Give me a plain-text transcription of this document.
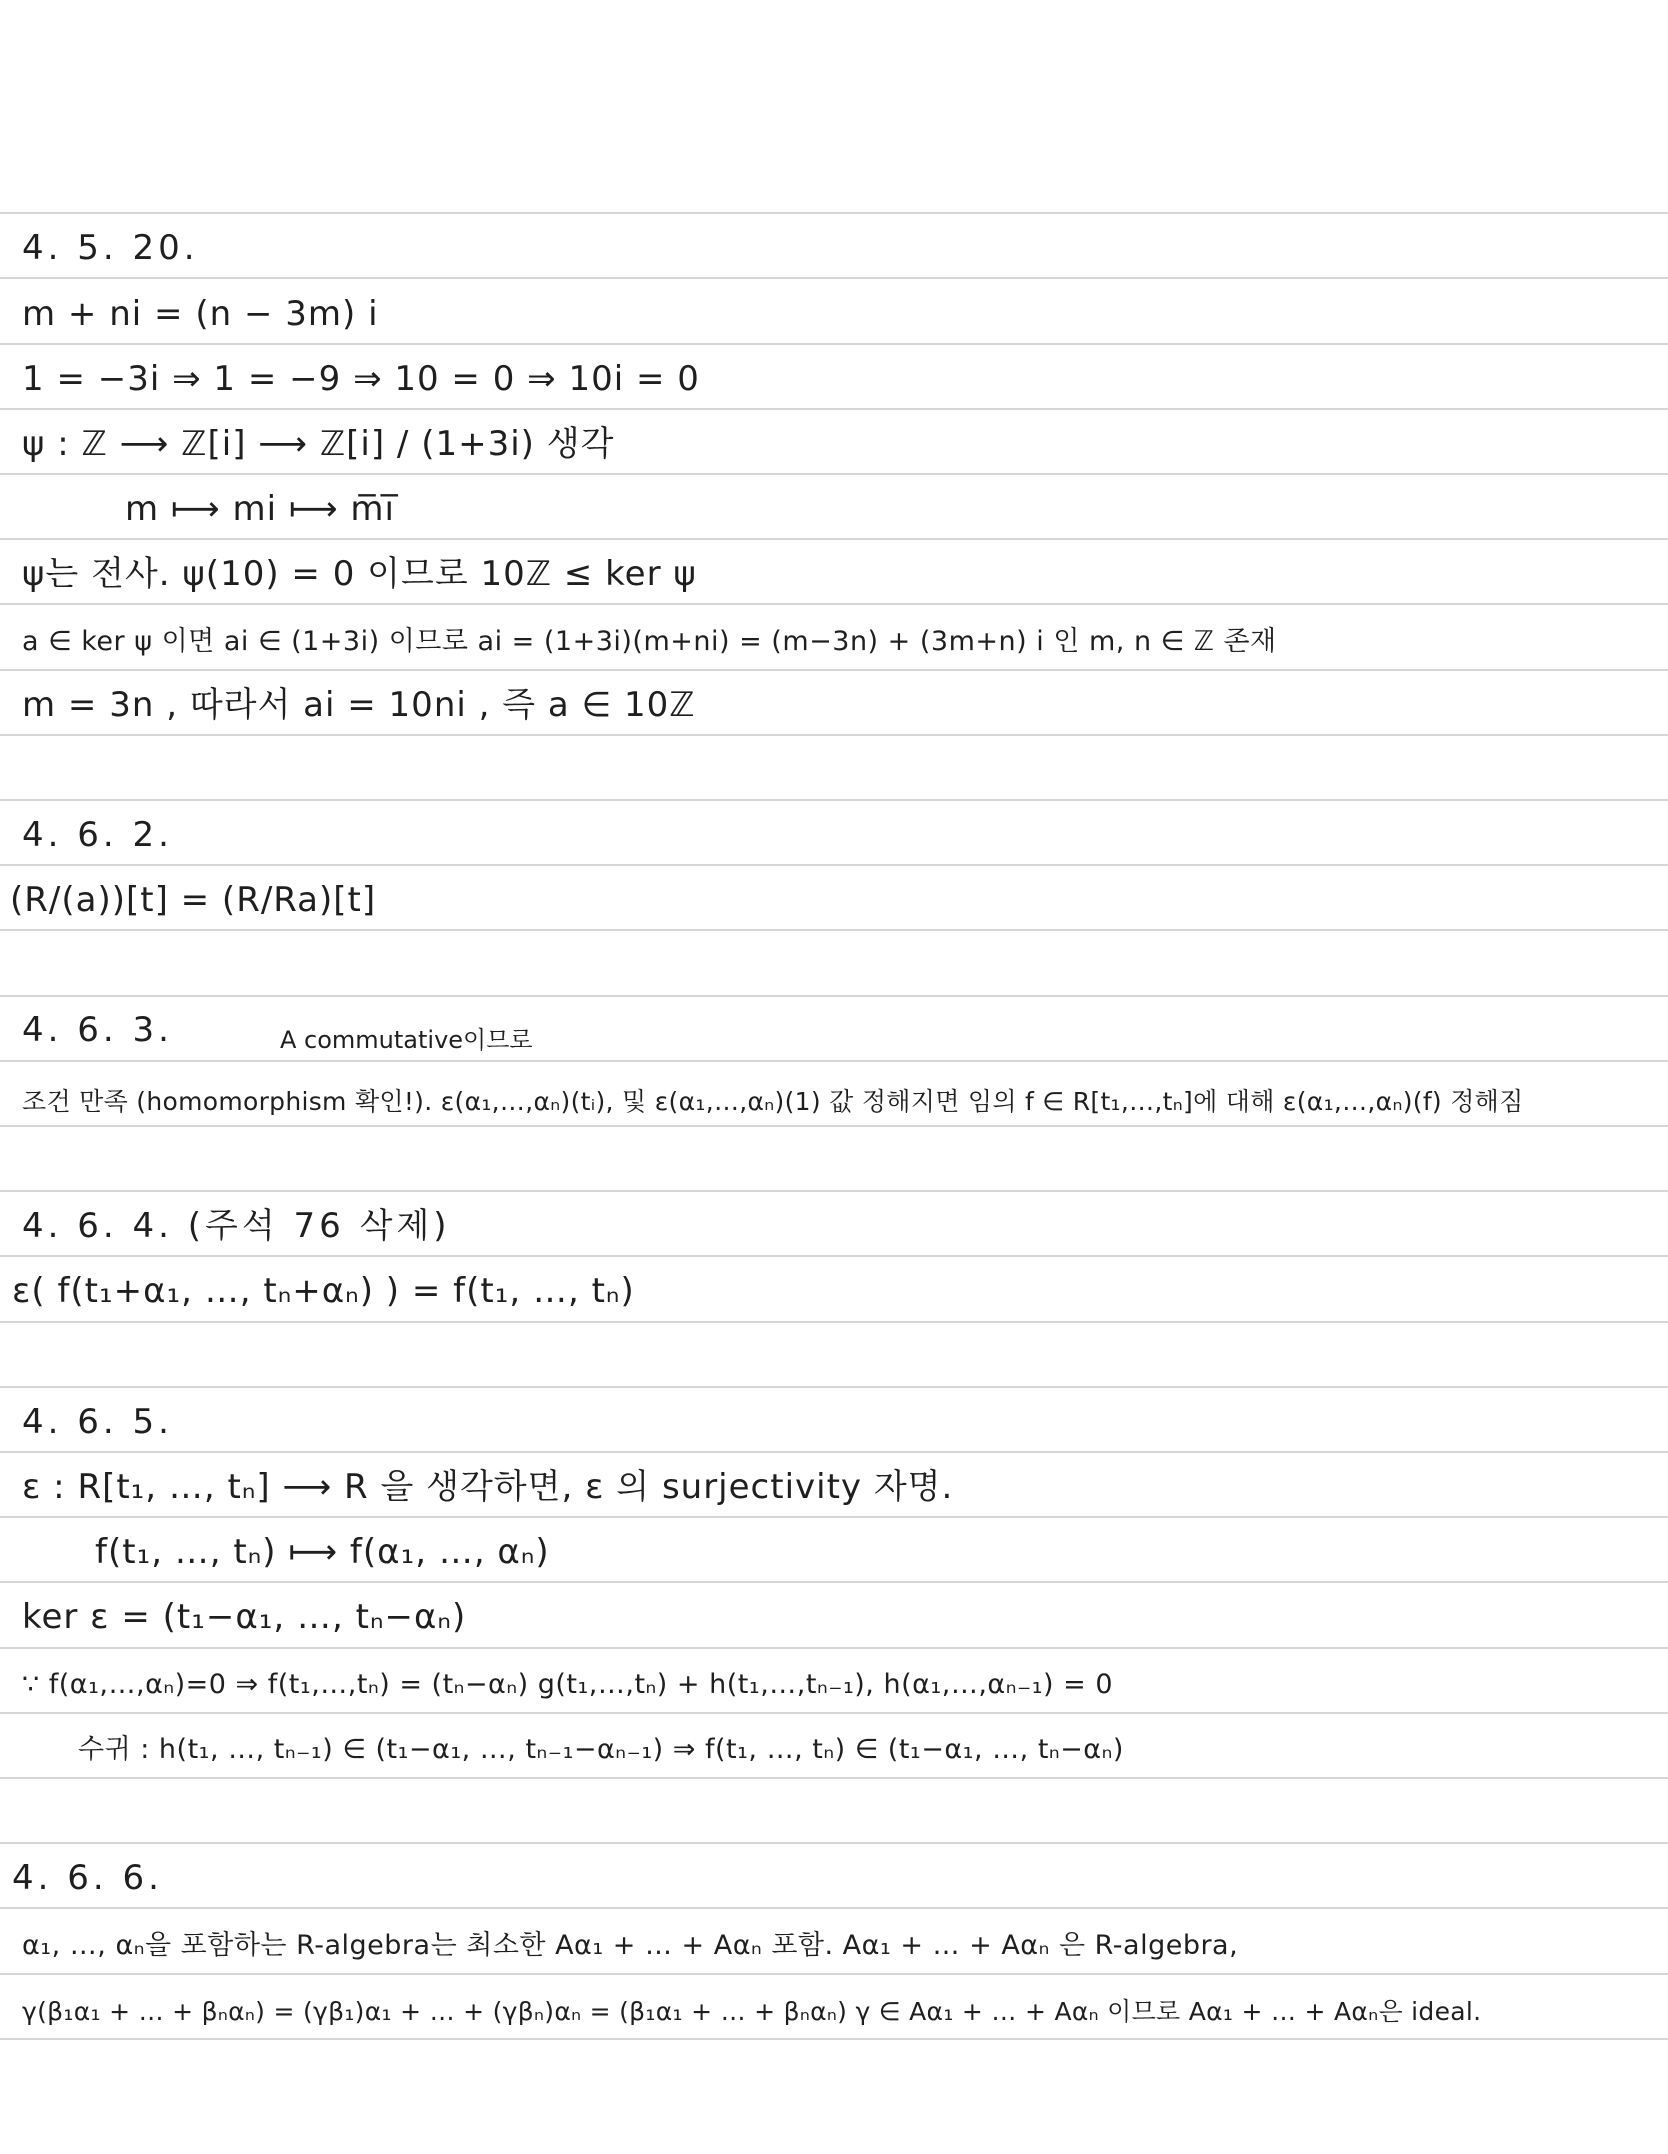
4. 5. 20.
m + ni = (n − 3m) i
1 = −3i ⇒ 1 = −9 ⇒ 10 = 0 ⇒ 10i = 0
ψ : ℤ ⟶ ℤ[i] ⟶ ℤ[i] / (1+3i) 생각
m ⟼ mi ⟼ m̅i̅
ψ는 전사. ψ(10) = 0 이므로 10ℤ ≤ ker ψ
a ∈ ker ψ 이면 ai ∈ (1+3i) 이므로 ai = (1+3i)(m+ni) = (m−3n) + (3m+n) i 인 m, n ∈ ℤ 존재
m = 3n , 따라서 ai = 10ni , 즉 a ∈ 10ℤ
4. 6. 2.
(R/(a))[t] = (R/Ra)[t]
4. 6. 3.	A commutative이므로
조건 만족 (homomorphism 확인!). ε(α₁,…,αₙ)(tᵢ), 및 ε(α₁,…,αₙ)(1) 값 정해지면 임의 f ∈ R[t₁,…,tₙ]에 대해 ε(α₁,…,αₙ)(f) 정해짐
4. 6. 4. (주석 76 삭제)
ε( f(t₁+α₁, …, tₙ+αₙ) ) = f(t₁, …, tₙ)
4. 6. 5.
ε : R[t₁, …, tₙ] ⟶ R 을 생각하면, ε 의 surjectivity 자명.
f(t₁, …, tₙ) ⟼ f(α₁, …, αₙ)
ker ε = (t₁−α₁, …, tₙ−αₙ)
∵ f(α₁,…,αₙ)=0 ⇒ f(t₁,…,tₙ) = (tₙ−αₙ) g(t₁,…,tₙ) + h(t₁,…,tₙ₋₁), h(α₁,…,αₙ₋₁) = 0
수귀 : h(t₁, …, tₙ₋₁) ∈ (t₁−α₁, …, tₙ₋₁−αₙ₋₁) ⇒ f(t₁, …, tₙ) ∈ (t₁−α₁, …, tₙ−αₙ)
4. 6. 6.
α₁, …, αₙ을 포함하는 R-algebra는 최소한 Aα₁ + … + Aαₙ 포함. Aα₁ + … + Aαₙ 은 R-algebra,
γ(β₁α₁ + … + βₙαₙ) = (γβ₁)α₁ + … + (γβₙ)αₙ = (β₁α₁ + … + βₙαₙ) γ ∈ Aα₁ + … + Aαₙ 이므로 Aα₁ + … + Aαₙ은 ideal.
